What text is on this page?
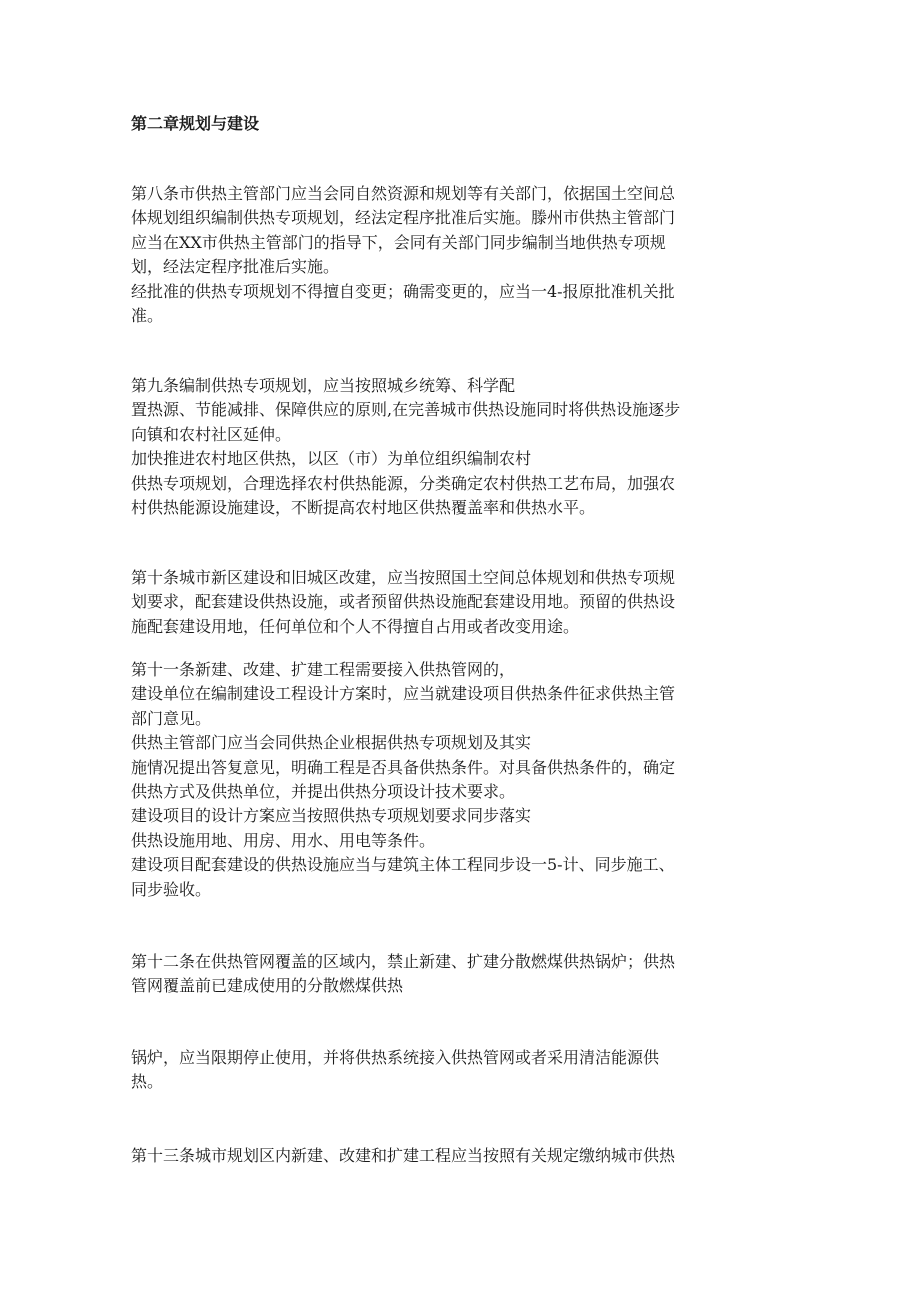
第二章规划与建设
第八条市供热主管部门应当会同自然资源和规划等有关部门，依据国土空间总
体规划组织编制供热专项规划，经法定程序批准后实施。滕州市供热主管部门
应当在XX市供热主管部门的指导下，会同有关部门同步编制当地供热专项规
划，经法定程序批准后实施。
经批准的供热专项规划不得擅自变更；确需变更的，应当一4-报原批准机关批
准。
第九条编制供热专项规划，应当按照城乡统筹、科学配
置热源、节能减排、保障供应的原则,在完善城市供热设施同时将供热设施逐步
向镇和农村社区延伸。
加快推进农村地区供热，以区（市）为单位组织编制农村
供热专项规划，合理选择农村供热能源，分类确定农村供热工艺布局，加强农
村供热能源设施建设，不断提高农村地区供热覆盖率和供热水平。
第十条城市新区建设和旧城区改建，应当按照国土空间总体规划和供热专项规
划要求，配套建设供热设施，或者预留供热设施配套建设用地。预留的供热设
施配套建设用地，任何单位和个人不得擅自占用或者改变用途。
第十一条新建、改建、扩建工程需要接入供热管网的，
建设单位在编制建设工程设计方案时，应当就建设项目供热条件征求供热主管
部门意见。
供热主管部门应当会同供热企业根据供热专项规划及其实
施情况提出答复意见，明确工程是否具备供热条件。对具备供热条件的，确定
供热方式及供热单位，并提出供热分项设计技术要求。
建设项目的设计方案应当按照供热专项规划要求同步落实
供热设施用地、用房、用水、用电等条件。
建设项目配套建设的供热设施应当与建筑主体工程同步设一5-计、同步施工、
同步验收。
第十二条在供热管网覆盖的区域内，禁止新建、扩建分散燃煤供热锅炉；供热
管网覆盖前已建成使用的分散燃煤供热
锅炉，应当限期停止使用，并将供热系统接入供热管网或者采用清洁能源供
热。
第十三条城市规划区内新建、改建和扩建工程应当按照有关规定缴纳城市供热
